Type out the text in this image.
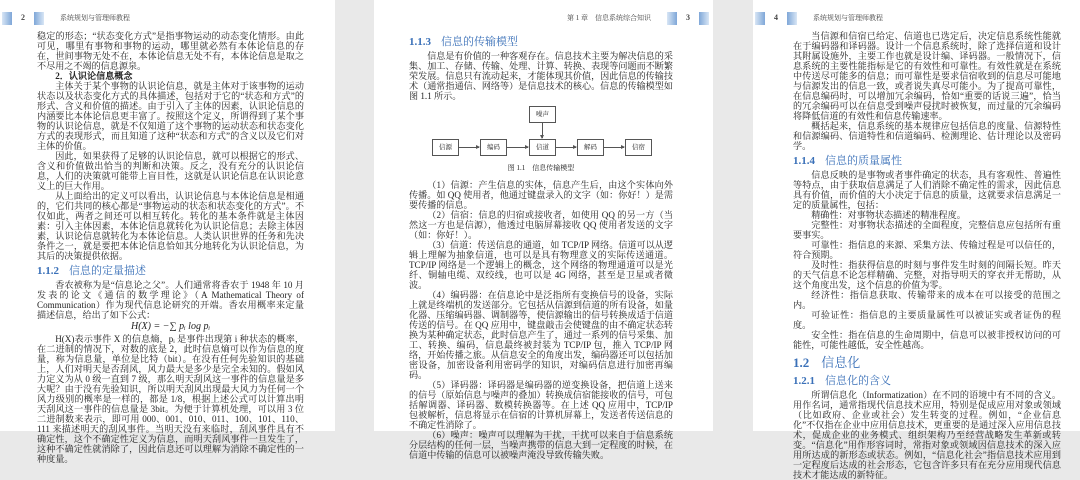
2	系统规划与管理师教程

稳定的形态；“状态变化方式”是指事物运动的动态变化情形。由此可见，哪里有事物和事物的运动，哪里就必然有本体论信息的存在，世间事物无处不在，本体论信息无处不有，本体论信息是取之不尽用之不竭的信息源泉。

2．认识论信息概念

主体关于某个事物的认识论信息，就是主体对于该事物的运动状态以及状态变化方式的具体描述，包括对于它的“状态和方式”的形式、含义和价值的描述。由于引入了主体的因素，认识论信息的内涵要比本体论信息更丰富了。按照这个定义，所谓得到了某个事物的认识论信息，就是不仅知道了这个事物的运动状态和状态变化方式的表现形式，而且知道了这种“状态和方式”的含义以及它们对主体的价值。

因此，如果获得了足够的认识论信息，就可以根据它的形式、含义和价值做出恰当的判断和决策。反之，没有充分的认识论信息，人们的决策就可能带上盲目性，这就是认识论信息在认识论意义上的巨大作用。

从上面给出的定义可以看出，认识论信息与本体论信息是相通的，它们共同的核心都是“事物运动的状态和状态变化的方式”。不仅如此，两者之间还可以相互转化。转化的基本条件就是主体因素：引入主体因素，本体论信息就转化为认识论信息；去除主体因素，认识论信息就转化为本体论信息。人类认识世界的任务和先决条件之一，就是要把本体论信息恰如其分地转化为认识论信息，为其后的决策提供依据。

1.1.2 信息的定量描述

香农被称为是“信息论之父”。人们通常将香农于 1948 年 10 月发表的论文《通信的数学理论》（A Mathematical Theory of Communication）作为现代信息论研究的开端。香农用概率来定量描述信息，给出了如下公式：

H(X) = −∑ pᵢ log pᵢ

H(X)表示事件 X 的信息熵，pᵢ 是事件出现第 i 种状态的概率，在二进制的情况下，对数的底是 2，此时信息熵可以作为信息的度量，称为信息量，单位是比特（bit）。在没有任何先验知识的基础上，人们对明天是否刮风，风力最大是多少是完全未知的。假如风力定义为从 0 级一直到 7 级，那么明天刮风这一事件的信息量是多大呢？由于没有先验知识，所以明天刮风出现最大风力为任何一个风力级别的概率是一样的，都是 1/8，根据上述公式可以计算出明天刮风这一事件的信息量是 3bit。为便于计算机处理，可以用 3 位二进制数来表示，即可用 000、001、010、011、100、101、110、111 来描述明天的刮风事件。当明天没有来临时，刮风事件具有不确定性，这个不确定性定义为信息，而明天刮风事件一旦发生了，这种不确定性就消除了，因此信息还可以理解为消除不确定性的一种度量。

第 1 章　信息系统综合知识	3
1.1.3 信息的传输模型

信息是有价值的一种客观存在。信息技术主要为解决信息的采集、加工、存储、传输、处理、计算、转换、表现等问题而不断繁荣发展。信息只有流动起来，才能体现其价值，因此信息的传输技术（通常指通信、网络等）是信息技术的核心。信息的传输模型如图 1.1 所示。

噪声
信源	编码	信道	解码	信宿
图 1.1　信息传输模型

（1）信源：产生信息的实体，信息产生后，由这个实体向外传播。如 QQ 使用者，他通过键盘录入的文字（如：你好！）是需要传播的信息。

（2）信宿：信息的归宿或接收者，如使用 QQ 的另一方（当然这一方也是信源），他透过电脑屏幕接收 QQ 使用者发送的文字（如：你好！）。

（3）信道：传送信息的通道，如 TCP/IP 网络。信道可以从逻辑上理解为抽象信道，也可以是具有物理意义的实际传送通道。TCP/IP 网络是一个逻辑上的概念，这个网络的物理通道可以是光纤、铜轴电缆、双绞线，也可以是 4G 网络，甚至是卫星或者微波。

（4）编码器：在信息论中是泛指所有变换信号的设备，实际上就是终端机的发送部分。它包括从信源到信道的所有设备，如量化器、压缩编码器、调制器等，使信源输出的信号转换成适于信道传送的信号。在 QQ 应用中，键盘敲击会使键盘的由不确定状态转换为某种确定状态，此时信息产生了，通过一系列的信号采集、加工、转换、编码，信息最终被封装为 TCP/IP 包，推入 TCP/IP 网络，开始传播之旅。从信息安全的角度出发，编码器还可以包括加密设备，加密设备利用密码学的知识，对编码信息进行加密再编码。

（5）译码器：译码器是编码器的逆变换设备，把信道上送来的信号（原始信息与噪声的叠加）转换成信宿能接收的信号，可包括解调器、译码器、数模转换器等。在上述 QQ 应用中，TCP/IP 包被解析，信息将显示在信宿的计算机屏幕上，发送者传送信息的不确定性消除了。

（6）噪声：噪声可以理解为干扰，干扰可以来自于信息系统分层结构的任何一层，当噪声携带的信息大到一定程度的时候，在信道中传输的信息可以被噪声淹没导致传输失败。

4	系统规划与管理师教程

当信源和信宿已给定、信道也已选定后，决定信息系统性能就在于编码器和译码器。设计一个信息系统时，除了选择信道和设计其附属设施外，主要工作也就是设计编、译码器。一般情况下，信息系统的主要性能指标是它的有效性和可靠性。有效性就是在系统中传送尽可能多的信息；而可靠性是要求信宿收到的信息尽可能地与信源发出的信息一致，或者说失真尽可能小。为了提高可靠性，在信息编码时，可以增加冗余编码，恰如“重要的话说三遍”，恰当的冗余编码可以在信息受到噪声侵扰时被恢复，而过量的冗余编码将降低信道的有效性和信息传输速率。

概括起来，信息系统的基本规律应包括信息的度量、信源特性和信源编码、信道特性和信道编码、检测理论、估计理论以及密码学。

1.1.4 信息的质量属性

信息反映的是事物或者事件确定的状态，具有客观性、普遍性等特点，由于获取信息满足了人们消除不确定性的需求，因此信息具有价值，而价值的大小决定于信息的质量，这就要求信息满足一定的质量属性，包括：

精确性：对事物状态描述的精准程度。

完整性：对事物状态描述的全面程度，完整信息应包括所有重要事实。

可靠性：指信息的来源、采集方法、传输过程是可以信任的，符合预期。

及时性：指获得信息的时刻与事件发生时刻的间隔长短。昨天的天气信息不论怎样精确、完整，对指导明天的穿衣并无帮助，从这个角度出发，这个信息的价值为零。

经济性：指信息获取、传输带来的成本在可以接受的范围之内。

可验证性：指信息的主要质量属性可以被证实或者证伪的程度。

安全性：指在信息的生命周期中，信息可以被非授权访问的可能性，可能性越低，安全性越高。

1.2 信息化
1.2.1 信息化的含义

所谓信息化（Informatization）在不同的语境中有不同的含义。用作名词，通常指现代信息技术应用，特别是促成应用对象或领域（比如政府、企业或社会）发生转变的过程。例如，“企业信息化”不仅指在企业中应用信息技术，更重要的是通过深入应用信息技术，促成企业的业务模式、组织架构乃至经营战略发生革新或转变。“信息化”用作形容词时，常指对象或领域因信息技术的深入应用所达成的新形态或状态。例如，“信息化社会”指信息技术应用到一定程度后达成的社会形态，它包含许多只有在充分应用现代信息技术才能达成的新特征。
